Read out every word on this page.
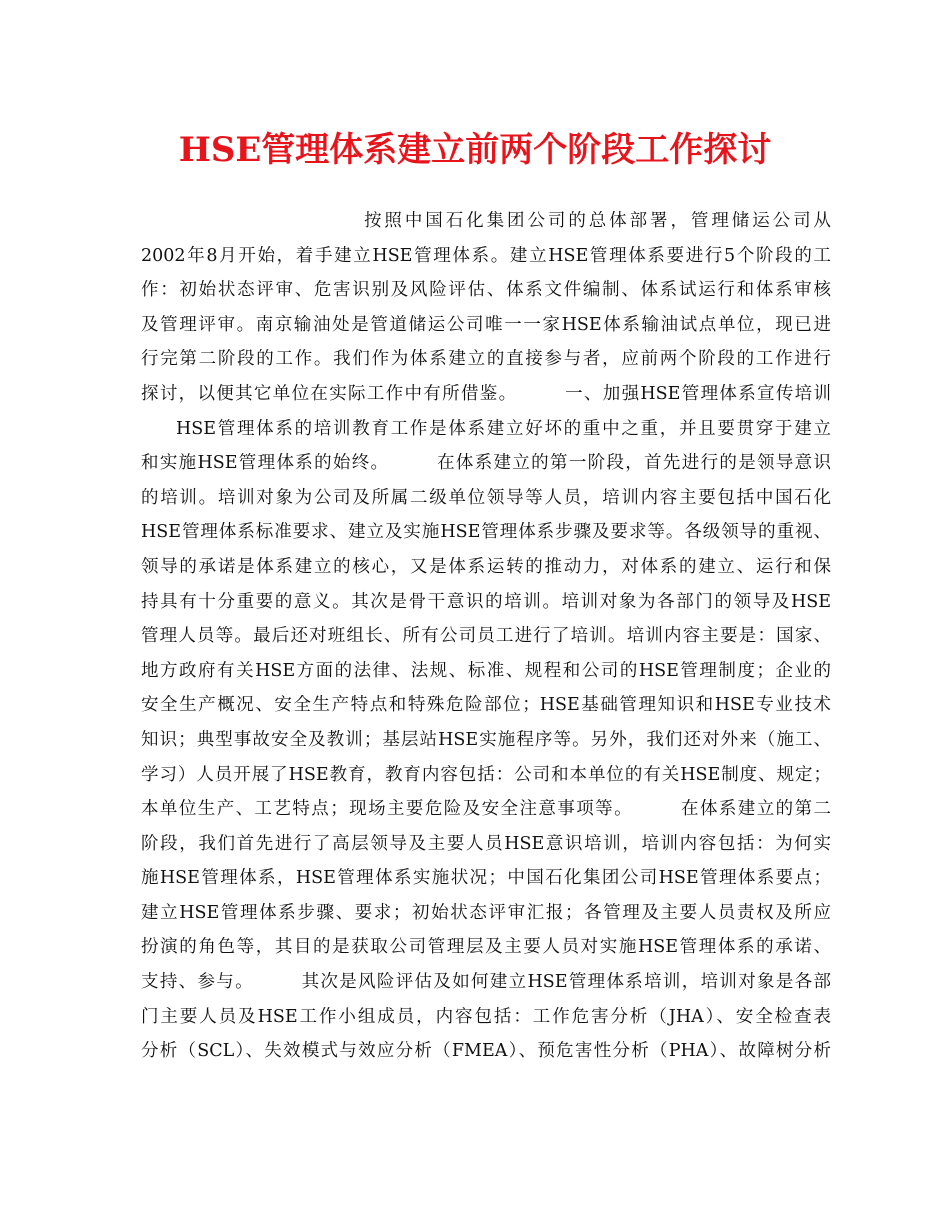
HSE管理体系建立前两个阶段工作探讨
按照中国石化集团公司的总体部署，管理储运公司从
2002年8月开始，着手建立HSE管理体系。建立HSE管理体系要进行5个阶段的工
作：初始状态评审、危害识别及风险评估、体系文件编制、体系试运行和体系审核
及管理评审。南京输油处是管道储运公司唯一一家HSE体系输油试点单位，现已进
行完第二阶段的工作。我们作为体系建立的直接参与者，应前两个阶段的工作进行
探讨，以便其它单位在实际工作中有所借鉴。　　　一、加强HSE管理体系宣传培训
HSE管理体系的培训教育工作是体系建立好坏的重中之重，并且要贯穿于建立
和实施HSE管理体系的始终。　　　在体系建立的第一阶段，首先进行的是领导意识
的培训。培训对象为公司及所属二级单位领导等人员，培训内容主要包括中国石化
HSE管理体系标准要求、建立及实施HSE管理体系步骤及要求等。各级领导的重视、
领导的承诺是体系建立的核心，又是体系运转的推动力，对体系的建立、运行和保
持具有十分重要的意义。其次是骨干意识的培训。培训对象为各部门的领导及HSE
管理人员等。最后还对班组长、所有公司员工进行了培训。培训内容主要是：国家、
地方政府有关HSE方面的法律、法规、标准、规程和公司的HSE管理制度；企业的
安全生产概况、安全生产特点和特殊危险部位；HSE基础管理知识和HSE专业技术
知识；典型事故安全及教训；基层站HSE实施程序等。另外，我们还对外来（施工、
学习）人员开展了HSE教育，教育内容包括：公司和本单位的有关HSE制度、规定；
本单位生产、工艺特点；现场主要危险及安全注意事项等。　　　在体系建立的第二
阶段，我们首先进行了高层领导及主要人员HSE意识培训，培训内容包括：为何实
施HSE管理体系，HSE管理体系实施状况；中国石化集团公司HSE管理体系要点；
建立HSE管理体系步骤、要求；初始状态评审汇报；各管理及主要人员责权及所应
扮演的角色等，其目的是获取公司管理层及主要人员对实施HSE管理体系的承诺、
支持、参与。　　　其次是风险评估及如何建立HSE管理体系培训，培训对象是各部
门主要人员及HSE工作小组成员，内容包括：工作危害分析（JHA）、安全检查表
分析（SCL）、失效模式与效应分析（FMEA）、预危害性分析（PHA）、故障树分析
